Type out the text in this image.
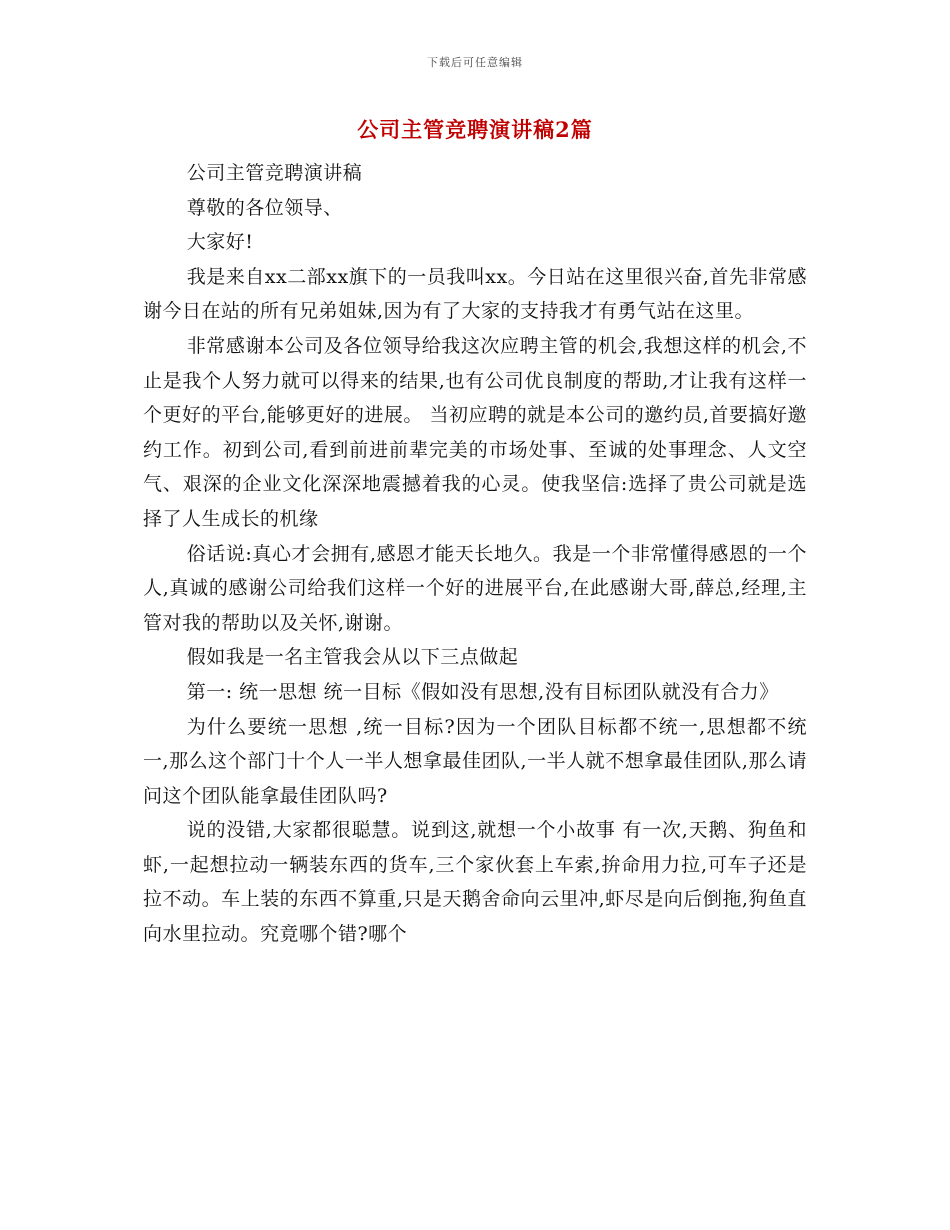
下载后可任意编辑
公司主管竞聘演讲稿2篇

公司主管竞聘演讲稿

尊敬的各位领导、

大家好!

我是来自xx二部xx旗下的一员我叫xx。今日站在这里很兴奋,首先非常感谢今日在站的所有兄弟姐妹,因为有了大家的支持我才有勇气站在这里。

非常感谢本公司及各位领导给我这次应聘主管的机会,我想这样的机会,不止是我个人努力就可以得来的结果,也有公司优良制度的帮助,才让我有这样一个更好的平台,能够更好的进展。 当初应聘的就是本公司的邀约员,首要搞好邀约工作。初到公司,看到前进前辈完美的市场处事、至诚的处事理念、人文空气、艰深的企业文化深深地震撼着我的心灵。使我坚信:选择了贵公司就是选择了人生成长的机缘

俗话说:真心才会拥有,感恩才能天长地久。我是一个非常懂得感恩的一个人,真诚的感谢公司给我们这样一个好的进展平台,在此感谢大哥,薛总,经理,主管对我的帮助以及关怀,谢谢。

假如我是一名主管我会从以下三点做起

第一: 统一思想 统一目标《假如没有思想,没有目标团队就没有合力》

为什么要统一思想 ,统一目标?因为一个团队目标都不统一,思想都不统一,那么这个部门十个人一半人想拿最佳团队,一半人就不想拿最佳团队,那么请问这个团队能拿最佳团队吗?

说的没错,大家都很聪慧。说到这,就想一个小故事 有一次,天鹅、狗鱼和虾,一起想拉动一辆装东西的货车,三个家伙套上车索,拚命用力拉,可车子还是拉不动。车上装的东西不算重,只是天鹅舍命向云里冲,虾尽是向后倒拖,狗鱼直向水里拉动。究竟哪个错?哪个
